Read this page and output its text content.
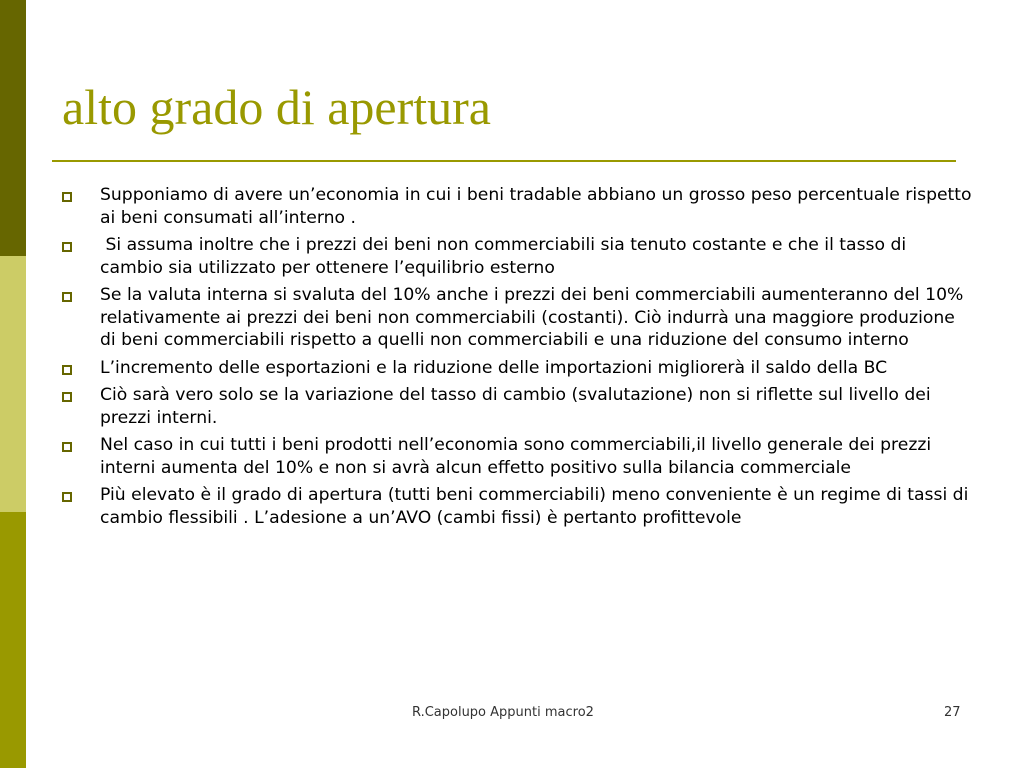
alto grado di apertura
Supponiamo di avere un’economia in cui i beni tradable abbiano un grosso peso percentuale rispetto ai beni consumati all’interno .
Si assuma inoltre che i prezzi dei beni non commerciabili sia tenuto costante e che il tasso di cambio sia utilizzato per ottenere l’equilibrio esterno
Se la valuta interna si svaluta del 10% anche i prezzi dei beni commerciabili aumenteranno del 10% relativamente ai prezzi dei beni non commerciabili (costanti). Ciò indurrà una maggiore produzione di beni commerciabili rispetto a quelli non commerciabili e una riduzione del consumo interno
L’incremento delle esportazioni e la riduzione delle importazioni migliorerà il saldo della BC
Ciò sarà vero solo se la variazione del tasso di cambio (svalutazione) non si riflette sul livello dei prezzi interni.
Nel caso in cui tutti i beni prodotti nell’economia sono commerciabili,il livello generale dei prezzi interni aumenta del 10% e non si avrà alcun effetto positivo sulla bilancia commerciale
Più elevato è il grado di apertura (tutti beni commerciabili) meno conveniente è un regime di tassi di cambio flessibili . L’adesione a un’AVO (cambi fissi) è pertanto profittevole
R.Capolupo Appunti macro2	27
